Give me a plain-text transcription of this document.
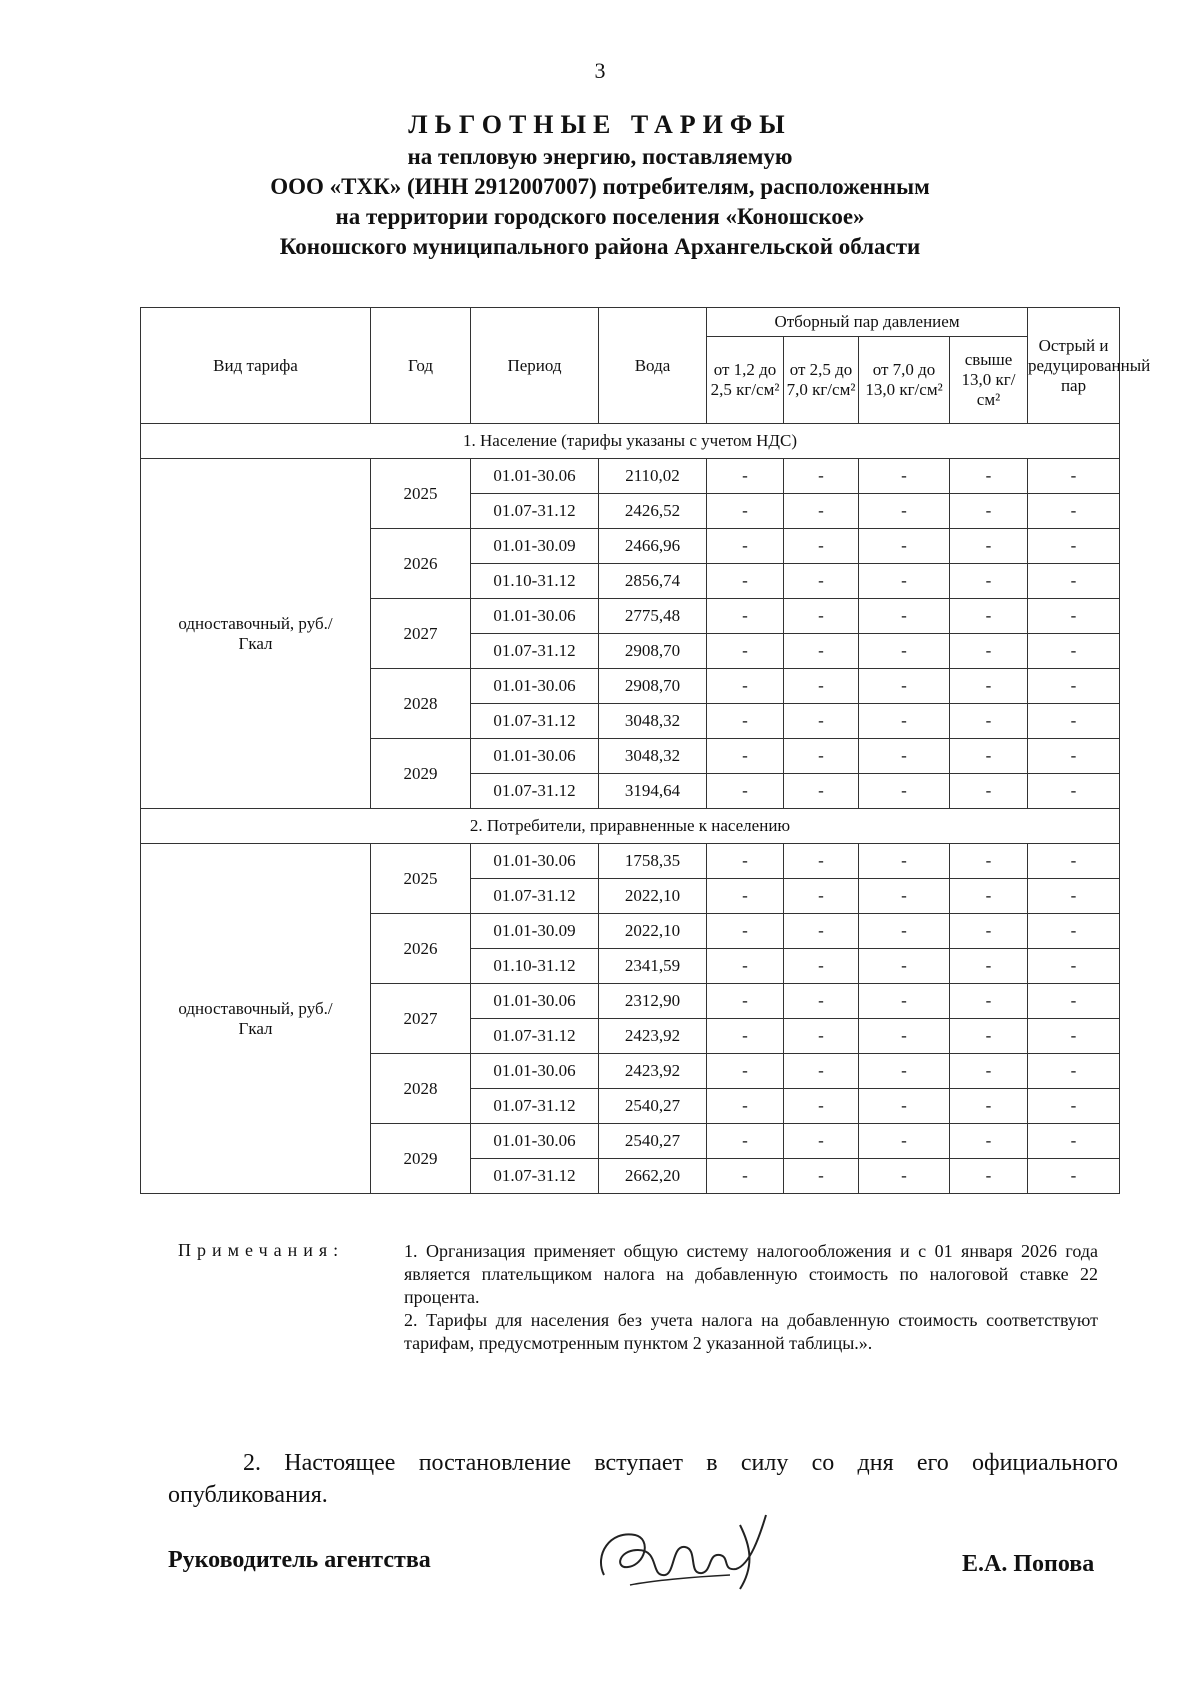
3
ЛЬГОТНЫЕ ТАРИФЫ
на тепловую энергию, поставляемую
ООО «ТХК» (ИНН 2912007007) потребителям, расположенным
на территории городского поселения «Коношское»
Коношского муниципального района Архангельской области
Вид тарифа	Год	Период	Вода	Отборный пар давлением				Острый и редуцированный пар
				от 1,2 до 2,5 кг/см²	от 2,5 до 7,0 кг/см²	от 7,0 до 13,0 кг/см²	свыше 13,0 кг/см²	
1. Население (тарифы указаны с учетом НДС)								
одноставочный, руб./Гкал	2025	01.01-30.06	2110,02	-	-	-	-	-
		01.07-31.12	2426,52	-	-	-	-	-
	2026	01.01-30.09	2466,96	-	-	-	-	-
		01.10-31.12	2856,74	-	-	-	-	-
	2027	01.01-30.06	2775,48	-	-	-	-	-
		01.07-31.12	2908,70	-	-	-	-	-
	2028	01.01-30.06	2908,70	-	-	-	-	-
		01.07-31.12	3048,32	-	-	-	-	-
	2029	01.01-30.06	3048,32	-	-	-	-	-
		01.07-31.12	3194,64	-	-	-	-	-
2. Потребители, приравненные к населению								
одноставочный, руб./Гкал	2025	01.01-30.06	1758,35	-	-	-	-	-
		01.07-31.12	2022,10	-	-	-	-	-
	2026	01.01-30.09	2022,10	-	-	-	-	-
		01.10-31.12	2341,59	-	-	-	-	-
	2027	01.01-30.06	2312,90	-	-	-	-	-
		01.07-31.12	2423,92	-	-	-	-	-
	2028	01.01-30.06	2423,92	-	-	-	-	-
		01.07-31.12	2540,27	-	-	-	-	-
	2029	01.01-30.06	2540,27	-	-	-	-	-
		01.07-31.12	2662,20	-	-	-	-	-
Примечания:	1. Организация применяет общую систему налогообложения и с 01 января 2026 года является плательщиком налога на добавленную стоимость по налоговой ставке 22 процента.

2. Тарифы для населения без учета налога на добавленную стоимость соответствуют тарифам, предусмотренным пунктом 2 указанной таблицы.».

2. Настоящее постановление вступает в силу со дня его официального опубликования.
Руководитель агентства	Е.А. Попова
